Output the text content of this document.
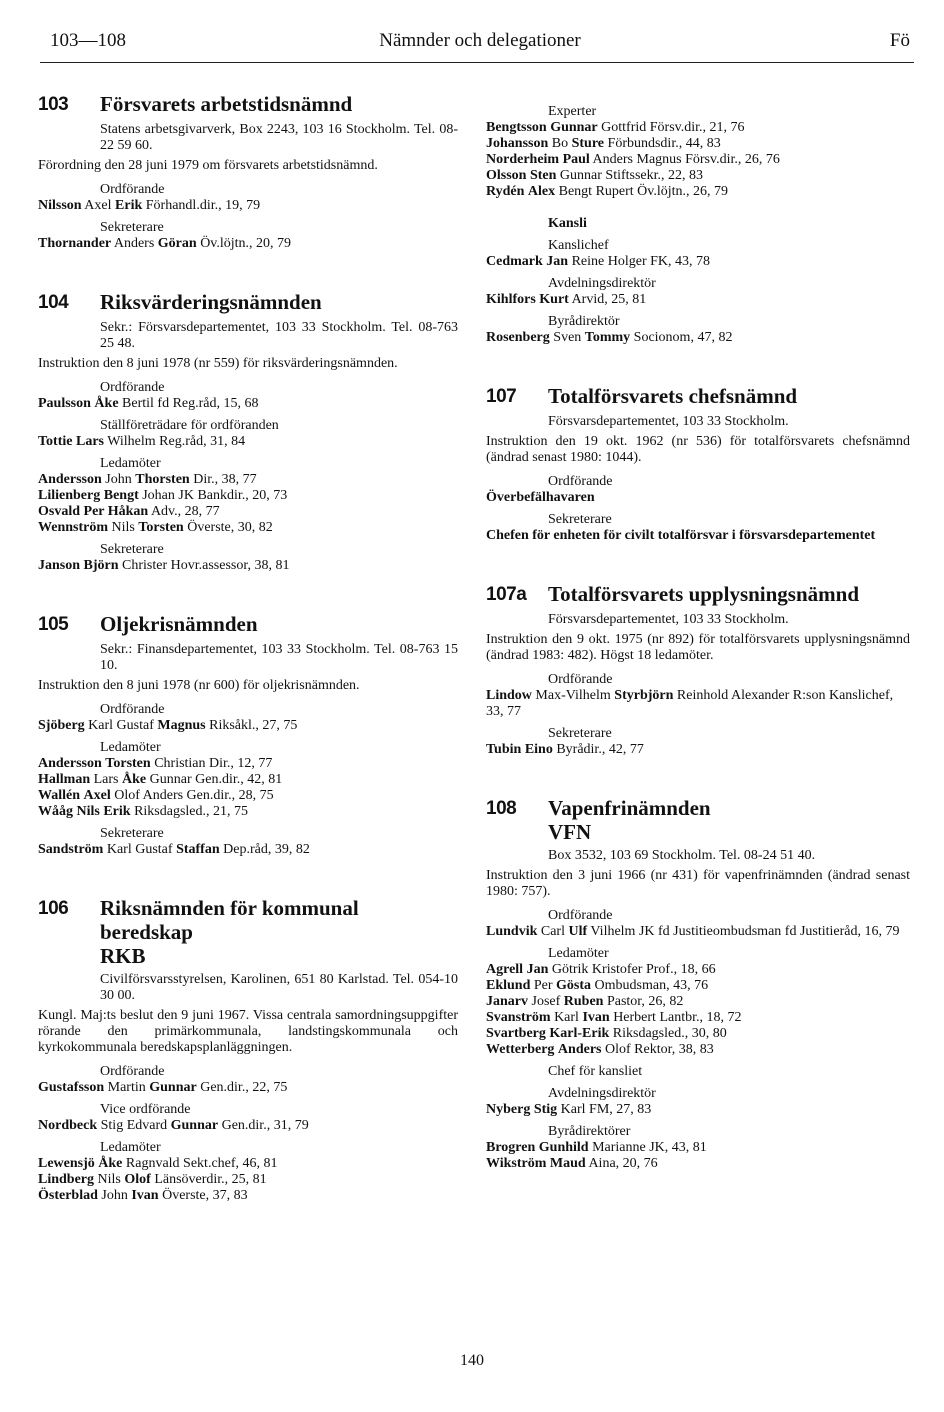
103—108	Nämnder och delegationer	Fö
103	Försvarets arbetstidsnämnd
Statens arbetsgivarverk, Box 2243, 103 16 Stockholm. Tel. 08-22 59 60.
Förordning den 28 juni 1979 om försvarets arbetstidsnämnd.
Ordförande
Nilsson Axel Erik Förhandl.dir., 19, 79
Sekreterare
Thornander Anders Göran Öv.löjtn., 20, 79
104	Riksvärderingsnämnden
Sekr.: Försvarsdepartementet, 103 33 Stockholm. Tel. 08-763 25 48.
Instruktion den 8 juni 1978 (nr 559) för riksvärderingsnämnden.
Ordförande
Paulsson Åke Bertil fd Reg.råd, 15, 68
Ställföreträdare för ordföranden
Tottie Lars Wilhelm Reg.råd, 31, 84
Ledamöter
Andersson John Thorsten Dir., 38, 77
Lilienberg Bengt Johan JK Bankdir., 20, 73
Osvald Per Håkan Adv., 28, 77
Wennström Nils Torsten Överste, 30, 82
Sekreterare
Janson Björn Christer Hovr.assessor, 38, 81
105	Oljekrisnämnden
Sekr.: Finansdepartementet, 103 33 Stockholm. Tel. 08-763 15 10.
Instruktion den 8 juni 1978 (nr 600) för oljekrisnämnden.
Ordförande
Sjöberg Karl Gustaf Magnus Riksåkl., 27, 75
Ledamöter
Andersson Torsten Christian Dir., 12, 77
Hallman Lars Åke Gunnar Gen.dir., 42, 81
Wallén Axel Olof Anders Gen.dir., 28, 75
Wååg Nils Erik Riksdagsled., 21, 75
Sekreterare
Sandström Karl Gustaf Staffan Dep.råd, 39, 82
106	Riksnämnden för kommunal
beredskap
RKB
Civilförsvarsstyrelsen, Karolinen, 651 80 Karlstad. Tel. 054-10 30 00.
Kungl. Maj:ts beslut den 9 juni 1967. Vissa centrala samordningsuppgifter rörande den primärkommunala, landstingskommunala och kyrkokommunala beredskapsplanläggningen.
Ordförande
Gustafsson Martin Gunnar Gen.dir., 22, 75
Vice ordförande
Nordbeck Stig Edvard Gunnar Gen.dir., 31, 79
Ledamöter
Lewensjö Åke Ragnvald Sekt.chef, 46, 81
Lindberg Nils Olof Länsöverdir., 25, 81
Österblad John Ivan Överste, 37, 83
Experter
Bengtsson Gunnar Gottfrid Försv.dir., 21, 76
Johansson Bo Sture Förbundsdir., 44, 83
Norderheim Paul Anders Magnus Försv.dir., 26, 76
Olsson Sten Gunnar Stiftssekr., 22, 83
Rydén Alex Bengt Rupert Öv.löjtn., 26, 79
Kansli
Kanslichef
Cedmark Jan Reine Holger FK, 43, 78
Avdelningsdirektör
Kihlfors Kurt Arvid, 25, 81
Byrådirektör
Rosenberg Sven Tommy Socionom, 47, 82
107	Totalförsvarets chefsnämnd
Försvarsdepartementet, 103 33 Stockholm.
Instruktion den 19 okt. 1962 (nr 536) för totalförsvarets chefsnämnd (ändrad senast 1980: 1044).
Ordförande
Överbefälhavaren
Sekreterare
Chefen för enheten för civilt totalförsvar i försvarsdepartementet
107a	Totalförsvarets upplysningsnämnd
Försvarsdepartementet, 103 33 Stockholm.
Instruktion den 9 okt. 1975 (nr 892) för totalförsvarets upplysningsnämnd (ändrad 1983: 482). Högst 18 ledamöter.
Ordförande
Lindow Max-Vilhelm Styrbjörn Reinhold Alexander R:son Kanslichef, 33, 77
Sekreterare
Tubin Eino Byrådir., 42, 77
108	Vapenfrinämnden
VFN
Box 3532, 103 69 Stockholm. Tel. 08-24 51 40.
Instruktion den 3 juni 1966 (nr 431) för vapenfrinämnden (ändrad senast 1980: 757).
Ordförande
Lundvik Carl Ulf Vilhelm JK fd Justitieombudsman fd Justitieråd, 16, 79
Ledamöter
Agrell Jan Götrik Kristofer Prof., 18, 66
Eklund Per Gösta Ombudsman, 43, 76
Janarv Josef Ruben Pastor, 26, 82
Svanström Karl Ivan Herbert Lantbr., 18, 72
Svartberg Karl-Erik Riksdagsled., 30, 80
Wetterberg Anders Olof Rektor, 38, 83
Chef för kansliet
Avdelningsdirektör
Nyberg Stig Karl FM, 27, 83
Byrådirektörer
Brogren Gunhild Marianne JK, 43, 81
Wikström Maud Aina, 20, 76
140
